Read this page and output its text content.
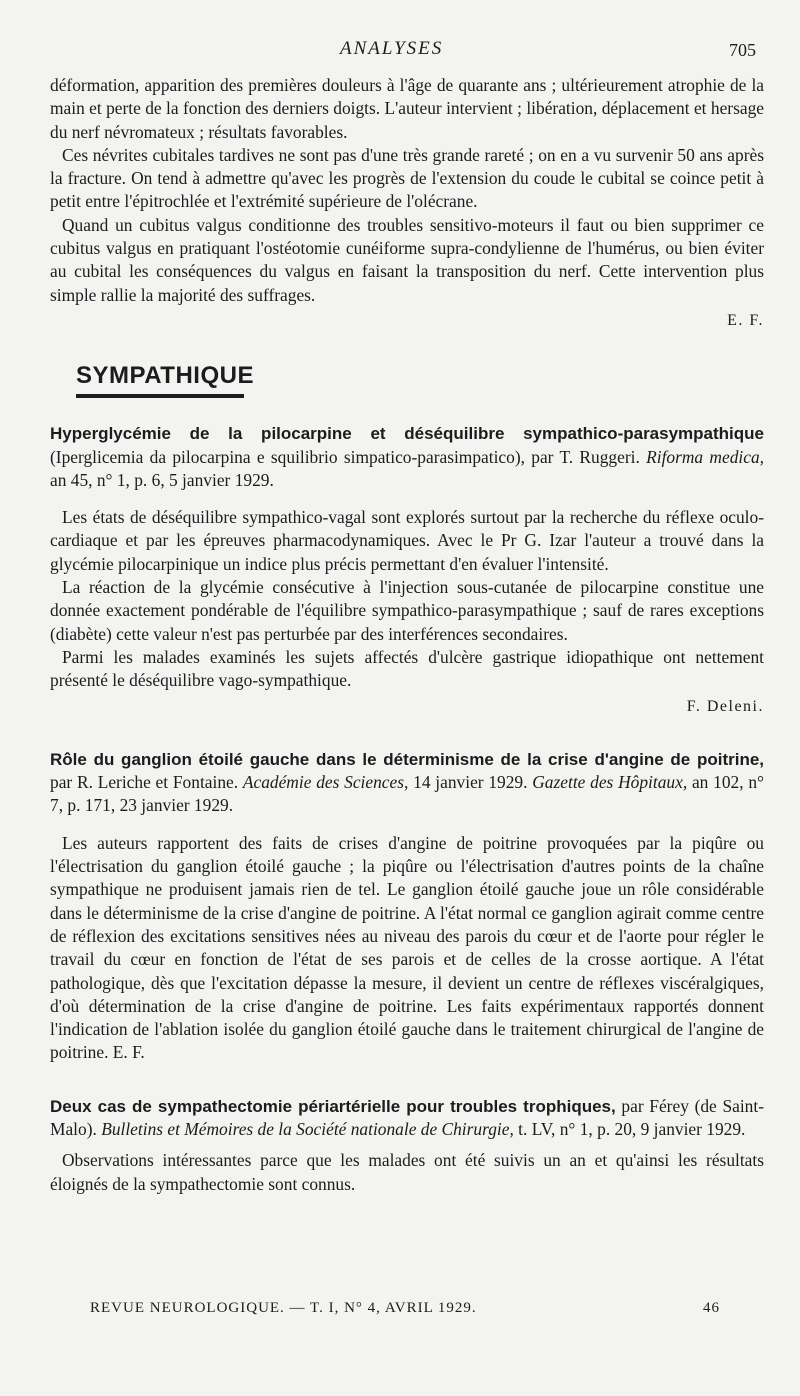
ANALYSES	705

déformation, apparition des premières douleurs à l'âge de quarante ans ; ultérieurement atrophie de la main et perte de la fonction des derniers doigts. L'auteur intervient ; libération, déplacement et hersage du nerf névromateux ; résultats favorables.

Ces névrites cubitales tardives ne sont pas d'une très grande rareté ; on en a vu survenir 50 ans après la fracture. On tend à admettre qu'avec les progrès de l'extension du coude le cubital se coince petit à petit entre l'épitrochlée et l'extrémité supérieure de l'olécrane.

Quand un cubitus valgus conditionne des troubles sensitivo-moteurs il faut ou bien supprimer ce cubitus valgus en pratiquant l'ostéotomie cunéiforme supra-condylienne de l'humérus, ou bien éviter au cubital les conséquences du valgus en faisant la transposition du nerf. Cette intervention plus simple rallie la majorité des suffrages.

E. F.

SYMPATHIQUE

Hyperglycémie de la pilocarpine et déséquilibre sympathico-parasympathique (Iperglicemia da pilocarpina e squilibrio simpatico-parasimpatico), par T. Ruggeri. Riforma medica, an 45, n° 1, p. 6, 5 janvier 1929.

Les états de déséquilibre sympathico-vagal sont explorés surtout par la recherche du réflexe oculo-cardiaque et par les épreuves pharmacodynamiques. Avec le Pr G. Izar l'auteur a trouvé dans la glycémie pilocarpinique un indice plus précis permettant d'en évaluer l'intensité.

La réaction de la glycémie consécutive à l'injection sous-cutanée de pilocarpine constitue une donnée exactement pondérable de l'équilibre sympathico-parasympathique ; sauf de rares exceptions (diabète) cette valeur n'est pas perturbée par des interférences secondaires.

Parmi les malades examinés les sujets affectés d'ulcère gastrique idiopathique ont nettement présenté le déséquilibre vago-sympathique.

F. Deleni.

Rôle du ganglion étoilé gauche dans le déterminisme de la crise d'angine de poitrine, par R. Leriche et Fontaine. Académie des Sciences, 14 janvier 1929. Gazette des Hôpitaux, an 102, n° 7, p. 171, 23 janvier 1929.

Les auteurs rapportent des faits de crises d'angine de poitrine provoquées par la piqûre ou l'électrisation du ganglion étoilé gauche ; la piqûre ou l'électrisation d'autres points de la chaîne sympathique ne produisent jamais rien de tel. Le ganglion étoilé gauche joue un rôle considérable dans le déterminisme de la crise d'angine de poitrine. A l'état normal ce ganglion agirait comme centre de réflexion des excitations sensitives nées au niveau des parois du cœur et de l'aorte pour régler le travail du cœur en fonction de l'état de ses parois et de celles de la crosse aortique. A l'état pathologique, dès que l'excitation dépasse la mesure, il devient un centre de réflexes viscéralgiques, d'où détermination de la crise d'angine de poitrine. Les faits expérimentaux rapportés donnent l'indication de l'ablation isolée du ganglion étoilé gauche dans le traitement chirurgical de l'angine de poitrine. E. F.

Deux cas de sympathectomie périartérielle pour troubles trophiques, par Férey (de Saint-Malo). Bulletins et Mémoires de la Société nationale de Chirurgie, t. LV, n° 1, p. 20, 9 janvier 1929.

Observations intéressantes parce que les malades ont été suivis un an et qu'ainsi les résultats éloignés de la sympathectomie sont connus.

REVUE NEUROLOGIQUE. — T. I, N° 4, AVRIL 1929.	46
